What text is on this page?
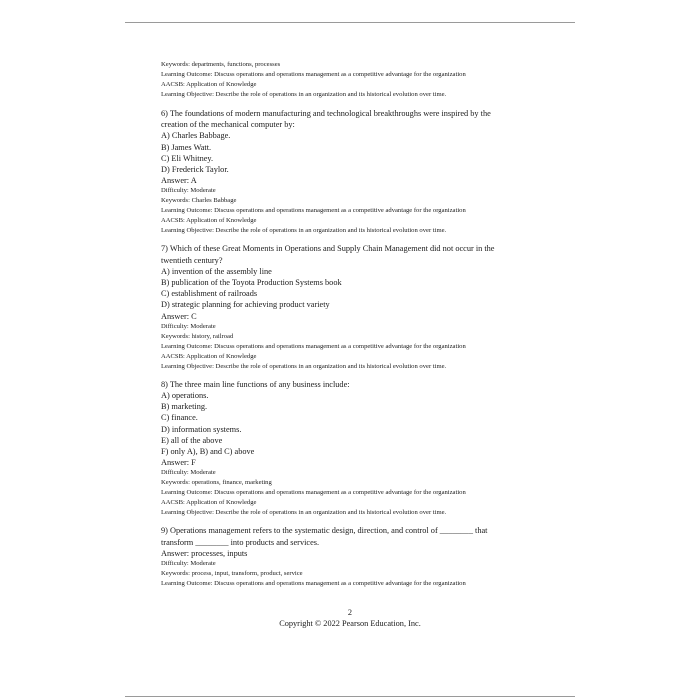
Keywords: departments, functions, processes
Learning Outcome: Discuss operations and operations management as a competitive advantage for the organization
AACSB: Application of Knowledge
Learning Objective: Describe the role of operations in an organization and its historical evolution over time.
6) The foundations of modern manufacturing and technological breakthroughs were inspired by the
creation of the mechanical computer by:
A) Charles Babbage.
B) James Watt.
C) Eli Whitney.
D) Frederick Taylor.
Answer: A
Difficulty: Moderate
Keywords: Charles Babbage
Learning Outcome: Discuss operations and operations management as a competitive advantage for the organization
AACSB: Application of Knowledge
Learning Objective: Describe the role of operations in an organization and its historical evolution over time.
7) Which of these Great Moments in Operations and Supply Chain Management did not occur in the
twentieth century?
A) invention of the assembly line
B) publication of the Toyota Production Systems book
C) establishment of railroads
D) strategic planning for achieving product variety
Answer: C
Difficulty: Moderate
Keywords: history, railroad
Learning Outcome: Discuss operations and operations management as a competitive advantage for the organization
AACSB: Application of Knowledge
Learning Objective: Describe the role of operations in an organization and its historical evolution over time.
8) The three main line functions of any business include:
A) operations.
B) marketing.
C) finance.
D) information systems.
E) all of the above
F) only A), B) and C) above
Answer: F
Difficulty: Moderate
Keywords: operations, finance, marketing
Learning Outcome: Discuss operations and operations management as a competitive advantage for the organization
AACSB: Application of Knowledge
Learning Objective: Describe the role of operations in an organization and its historical evolution over time.
9) Operations management refers to the systematic design, direction, and control of ________ that
transform ________ into products and services.
Answer: processes, inputs
Difficulty: Moderate
Keywords: process, input, transform, product, service
Learning Outcome: Discuss operations and operations management as a competitive advantage for the organization
2
Copyright © 2022 Pearson Education, Inc.
